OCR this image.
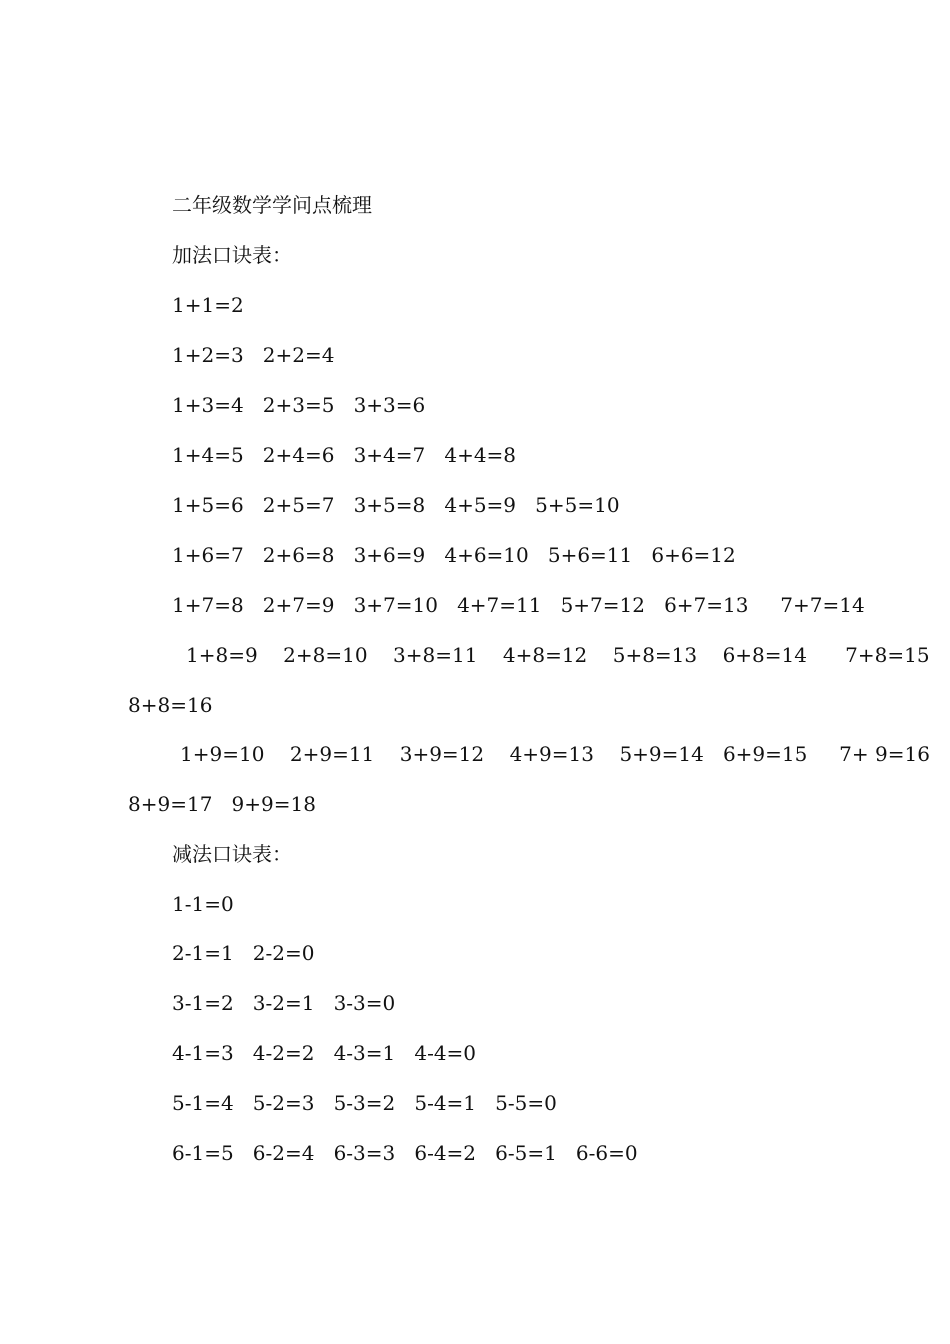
二年级数学学问点梳理
加法口诀表：
1+1=2
1+2=3 2+2=4
1+3=4 2+3=5 3+3=6
1+4=5 2+4=6 3+4=7 4+4=8
1+5=6 2+5=7 3+5=8 4+5=9 5+5=10
1+6=7 2+6=8 3+6=9 4+6=10 5+6=11 6+6=12
1+7=8 2+7=9 3+7=10 4+7=11 5+7=12 6+7=13 7+7=14
1+8=9 2+8=10 3+8=11 4+8=12 5+8=13 6+8=14 7+8=15
8+8=16
1+9=10 2+9=11 3+9=12 4+9=13 5+9=14 6+9=15 7+ 9=16
8+9=17 9+9=18
减法口诀表：
1-1=0
2-1=1 2-2=0
3-1=2 3-2=1 3-3=0
4-1=3 4-2=2 4-3=1 4-4=0
5-1=4 5-2=3 5-3=2 5-4=1 5-5=0
6-1=5 6-2=4 6-3=3 6-4=2 6-5=1 6-6=0
